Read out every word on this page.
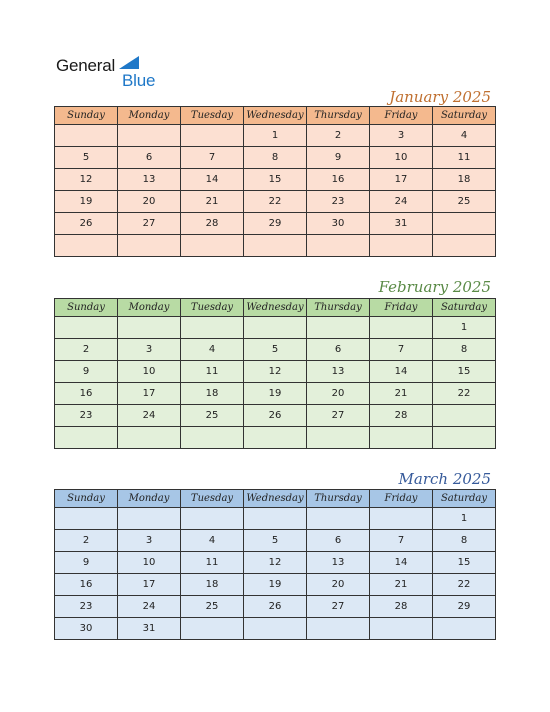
General
Blue
January 2025
Sunday	Monday	Tuesday	Wednesday	Thursday	Friday	Saturday
			1	2	3	4
5	6	7	8	9	10	11
12	13	14	15	16	17	18
19	20	21	22	23	24	25
26	27	28	29	30	31	

February 2025
Sunday	Monday	Tuesday	Wednesday	Thursday	Friday	Saturday
						1
2	3	4	5	6	7	8
9	10	11	12	13	14	15
16	17	18	19	20	21	22
23	24	25	26	27	28	

March 2025
Sunday	Monday	Tuesday	Wednesday	Thursday	Friday	Saturday
						1
2	3	4	5	6	7	8
9	10	11	12	13	14	15
16	17	18	19	20	21	22
23	24	25	26	27	28	29
30	31					
